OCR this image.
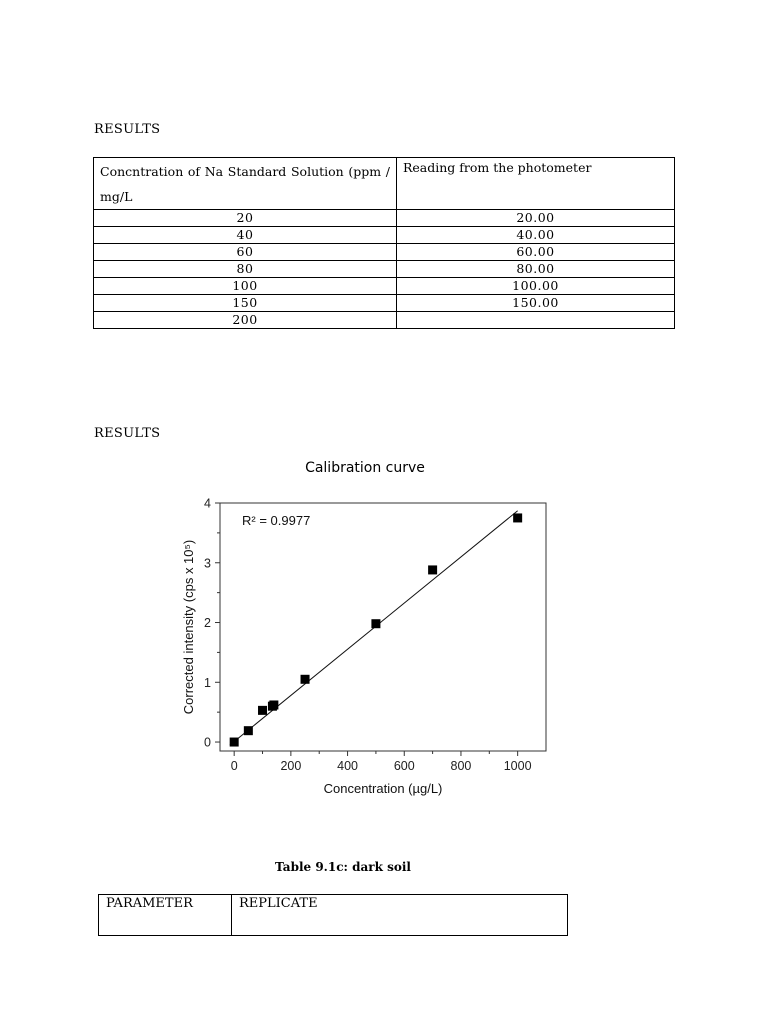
RESULTS
Concntration of Na Standard Solution (ppm / mg/L	Reading from the photometer
20	20.00
40	40.00
60	60.00
80	80.00
100	100.00
150	150.00
200	
RESULTS
Calibration curve
0	200	400	600	800	1000
0
1
2
3
4
R² = 0.9977
Concentration (µg/L)
Corrected intensity (cps x 10⁵)
Table 9.1c: dark soil
PARAMETER	REPLICATE
